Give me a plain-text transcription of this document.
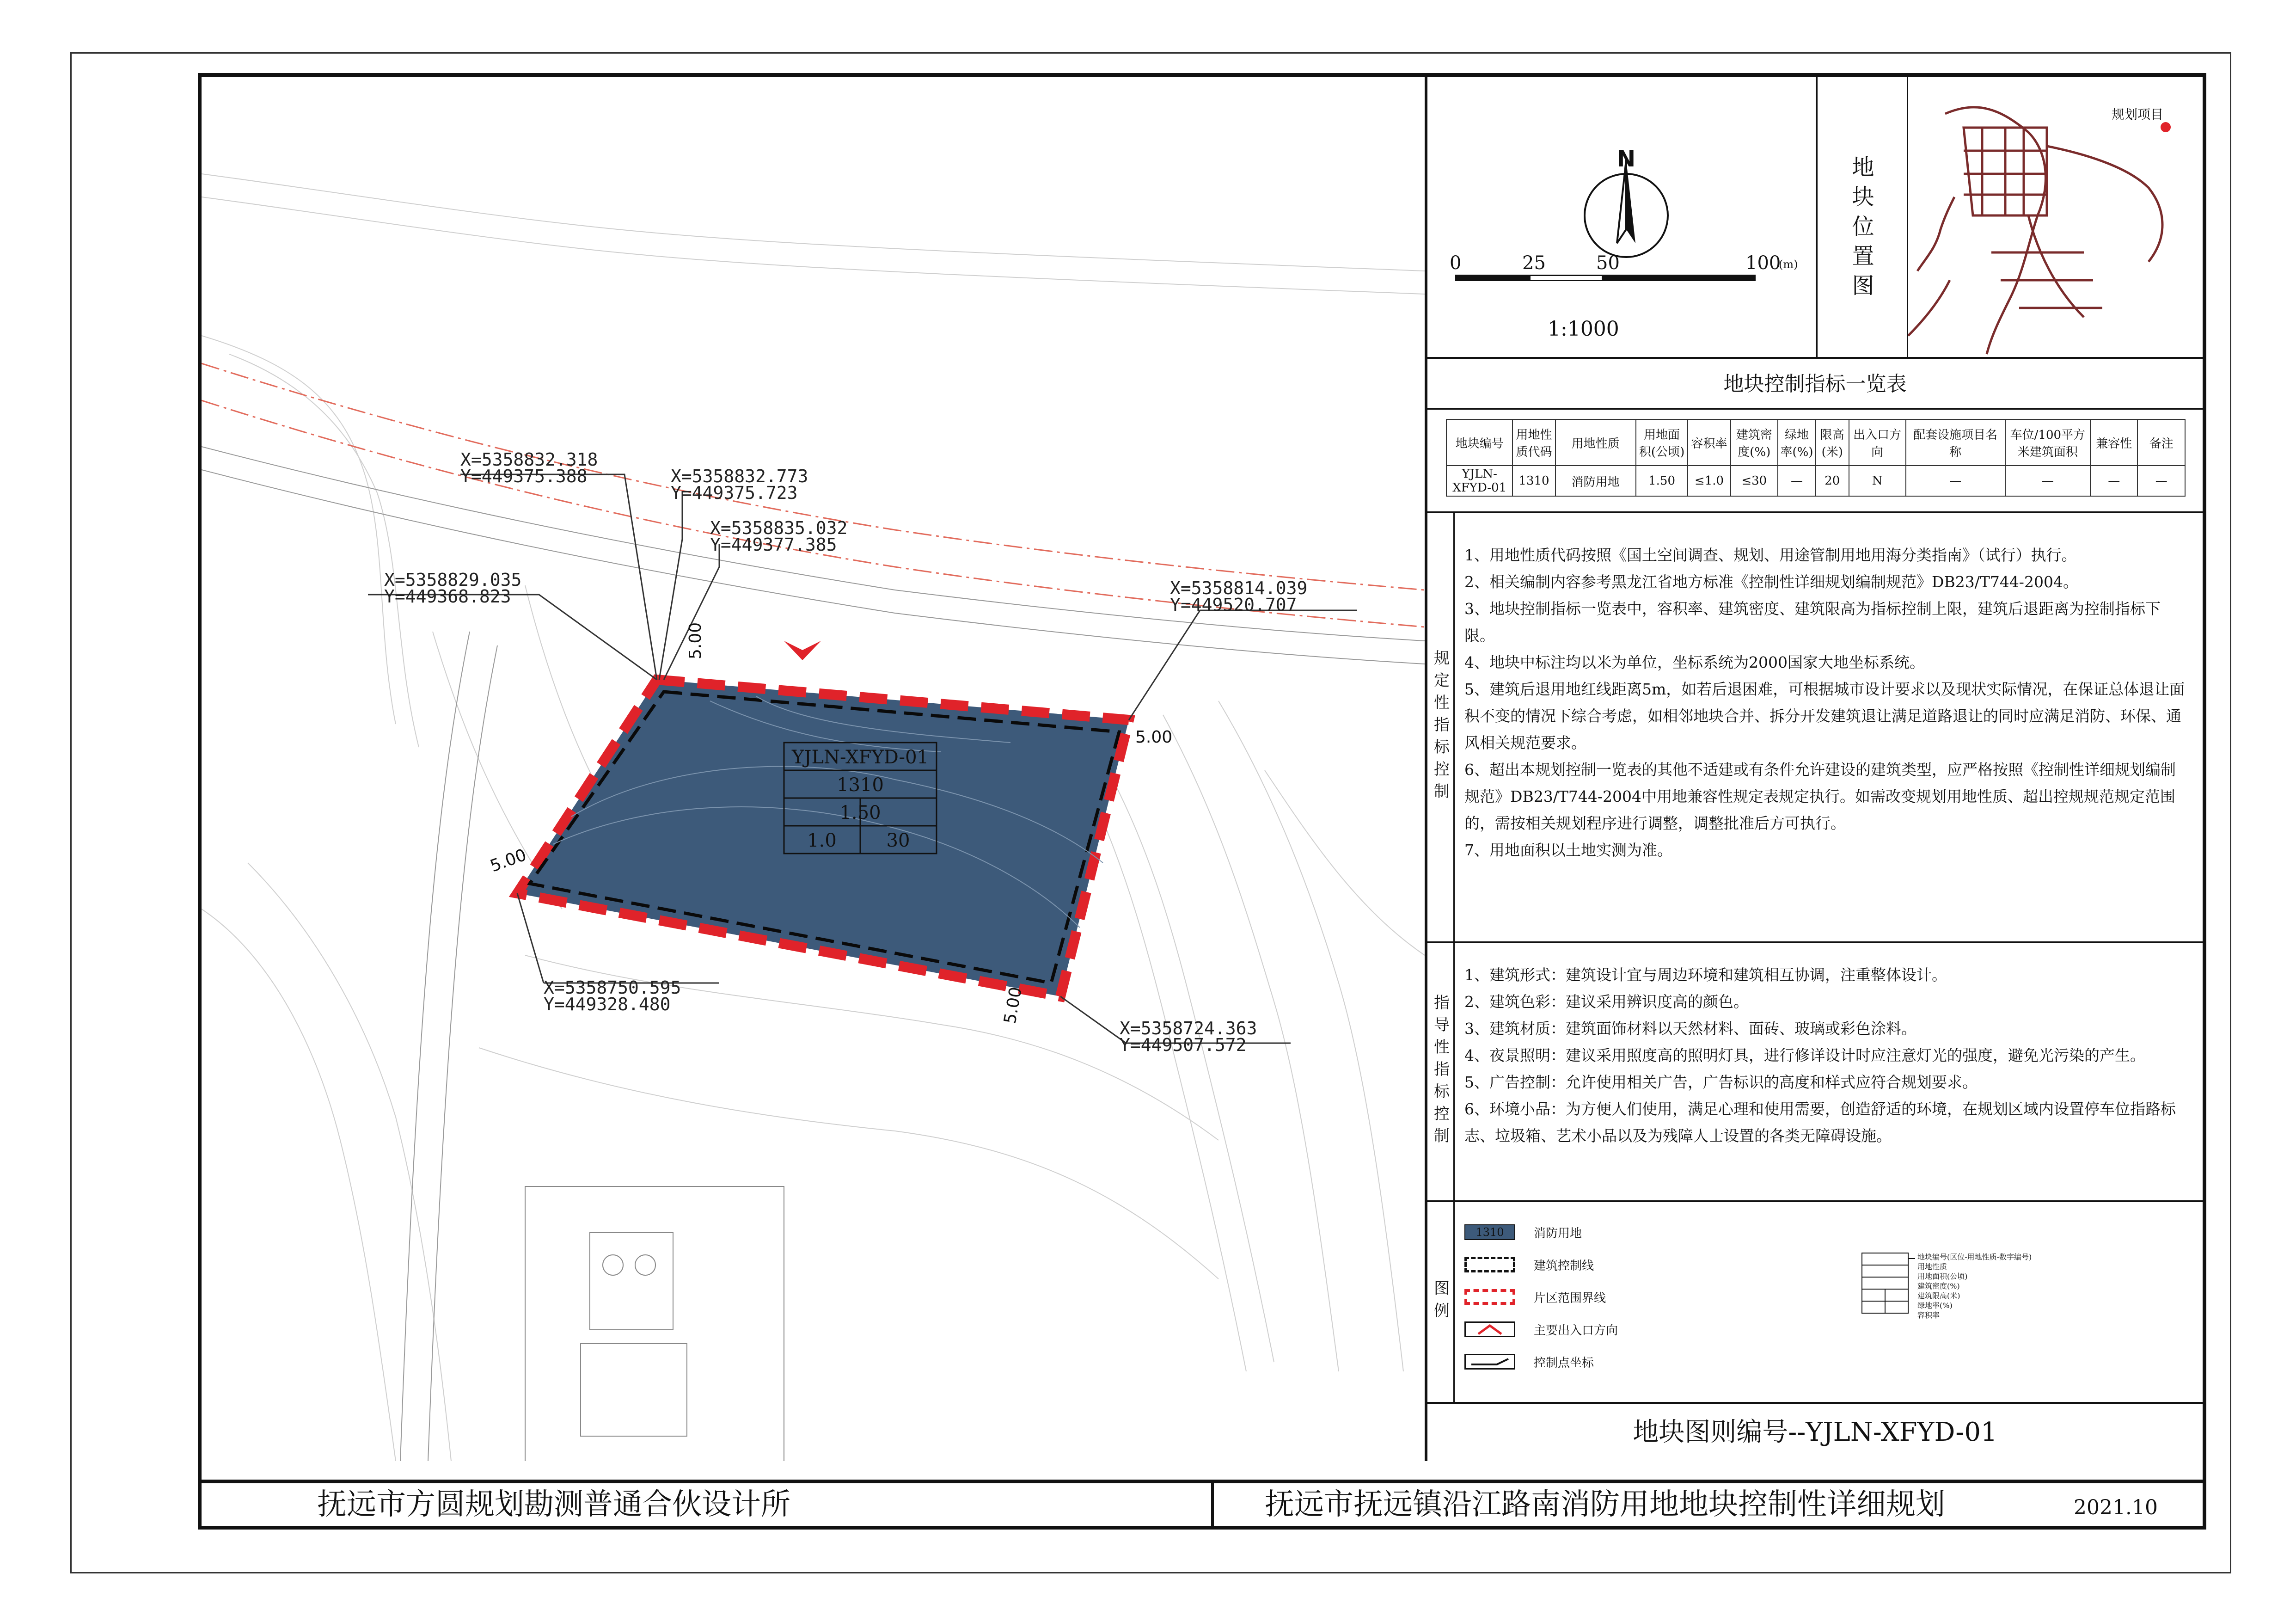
YJLN-XFYD-01
1310
1.50
1.0	30
5.00
5.00
5.00
5.00
X=5358832.318
Y=449375.388	X=5358832.773
Y=449375.723
X=5358835.032
Y=449377.385
X=5358829.035
Y=449368.823	X=5358814.039
Y=449520.707
X=5358750.595
Y=449328.480
X=5358724.363
Y=449507.572
N
0	25	50	100
(m)
1:1000
地块位置图
规划项目
地块控制指标一览表
地块编号	用地性质代码	用地性质	用地面积(公顷)	容积率	建筑密度(%)	绿地率(%)	限高(米)	出入口方向	配套设施项目名称	车位/100平方米建筑面积	兼容性	备注
YJLN-XFYD-01	1310	消防用地	1.50	≤1.0	≤30	—	20	N	—	—	—	—
规定性指标控制
1、用地性质代码按照《国土空间调查、规划、用途管制用地用海分类指南》（试行）执行。
2、相关编制内容参考黑龙江省地方标准《控制性详细规划编制规范》DB23/T744-2004。
3、地块控制指标一览表中，容积率、建筑密度、建筑限高为指标控制上限，建筑后退距离为控制指标下限。
4、地块中标注均以米为单位，坐标系统为2000国家大地坐标系统。
5、建筑后退用地红线距离5m，如若后退困难，可根据城市设计要求以及现状实际情况，在保证总体退让面积不变的情况下综合考虑，如相邻地块合并、拆分开发建筑退让满足道路退让的同时应满足消防、环保、通风相关规范要求。
6、超出本规划控制一览表的其他不适建或有条件允许建设的建筑类型，应严格按照《控制性详细规划编制规范》DB23/T744-2004中用地兼容性规定表规定执行。如需改变规划用地性质、超出控规规范规定范围的，需按相关规划程序进行调整，调整批准后方可执行。
7、用地面积以土地实测为准。
指导性指标控制
1、建筑形式：建筑设计宜与周边环境和建筑相互协调，注重整体设计。
2、建筑色彩：建议采用辨识度高的颜色。
3、建筑材质：建筑面饰材料以天然材料、面砖、玻璃或彩色涂料。
4、夜景照明：建议采用照度高的照明灯具，进行修详设计时应注意灯光的强度，避免光污染的产生。
5、广告控制：允许使用相关广告，广告标识的高度和样式应符合规划要求。
6、环境小品：为方便人们使用，满足心理和使用需要，创造舒适的环境，在规划区域内设置停车位指路标志、垃圾箱、艺术小品以及为残障人士设置的各类无障碍设施。
图例
1310	消防用地
建筑控制线
片区范围界线
主要出入口方向
控制点坐标
地块编号(区位-用地性质-数字编号)
用地性质
用地面积(公顷)
建筑密度(%)
建筑限高(米)
绿地率(%)
容积率
地块图则编号--YJLN-XFYD-01
抚远市方圆规划勘测普通合伙设计所	抚远市抚远镇沿江路南消防用地地块控制性详细规划	2021.10
